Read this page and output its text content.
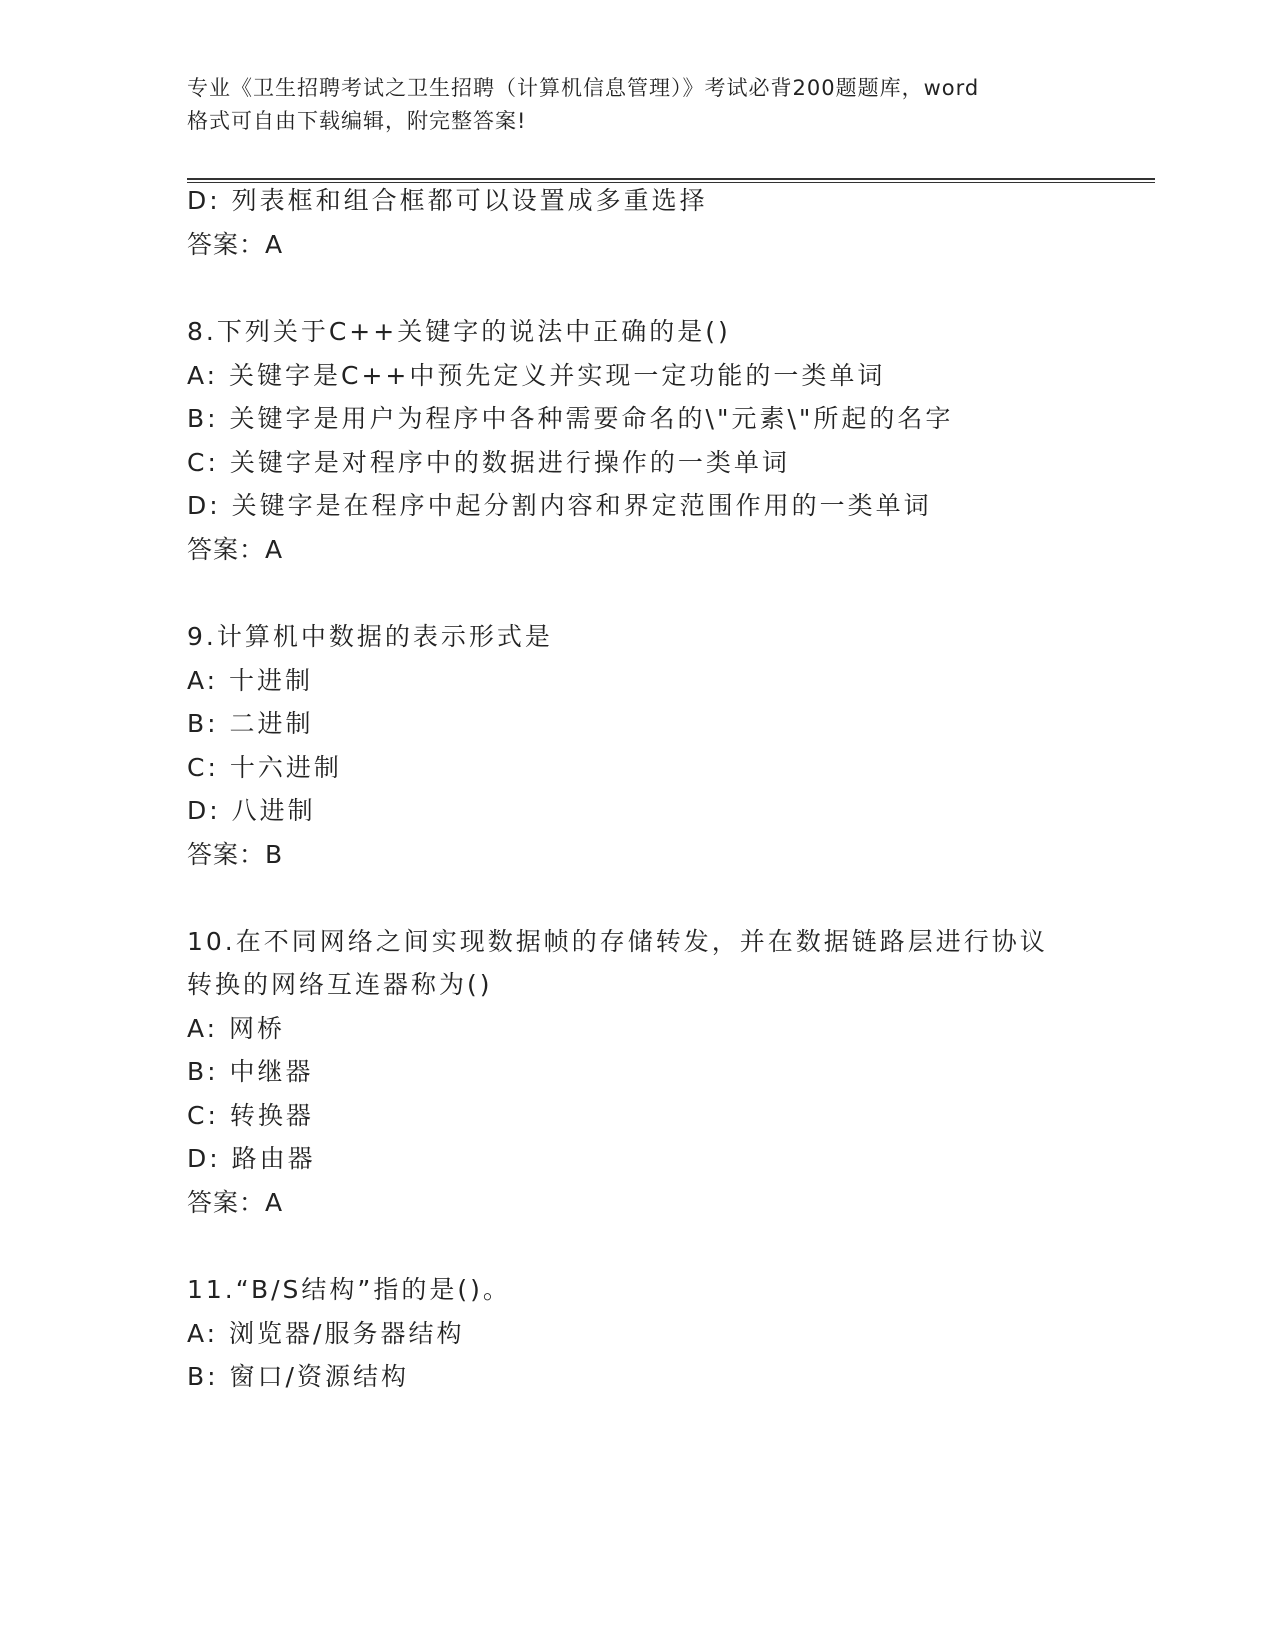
专业《卫生招聘考试之卫生招聘（计算机信息管理）》考试必背200题题库，word
格式可自由下载编辑，附完整答案!
D: 列表框和组合框都可以设置成多重选择
答案：A
8.下列关于C++关键字的说法中正确的是()
A: 关键字是C++中预先定义并实现一定功能的一类单词
B: 关键字是用户为程序中各种需要命名的\"元素\"所起的名字
C: 关键字是对程序中的数据进行操作的一类单词
D: 关键字是在程序中起分割内容和界定范围作用的一类单词
答案：A
9.计算机中数据的表示形式是
A: 十进制
B: 二进制
C: 十六进制
D: 八进制
答案：B
10.在不同网络之间实现数据帧的存储转发，并在数据链路层进行协议
转换的网络互连器称为()
A: 网桥
B: 中继器
C: 转换器
D: 路由器
答案：A
11.“B/S结构”指的是()。
A: 浏览器/服务器结构
B: 窗口/资源结构
